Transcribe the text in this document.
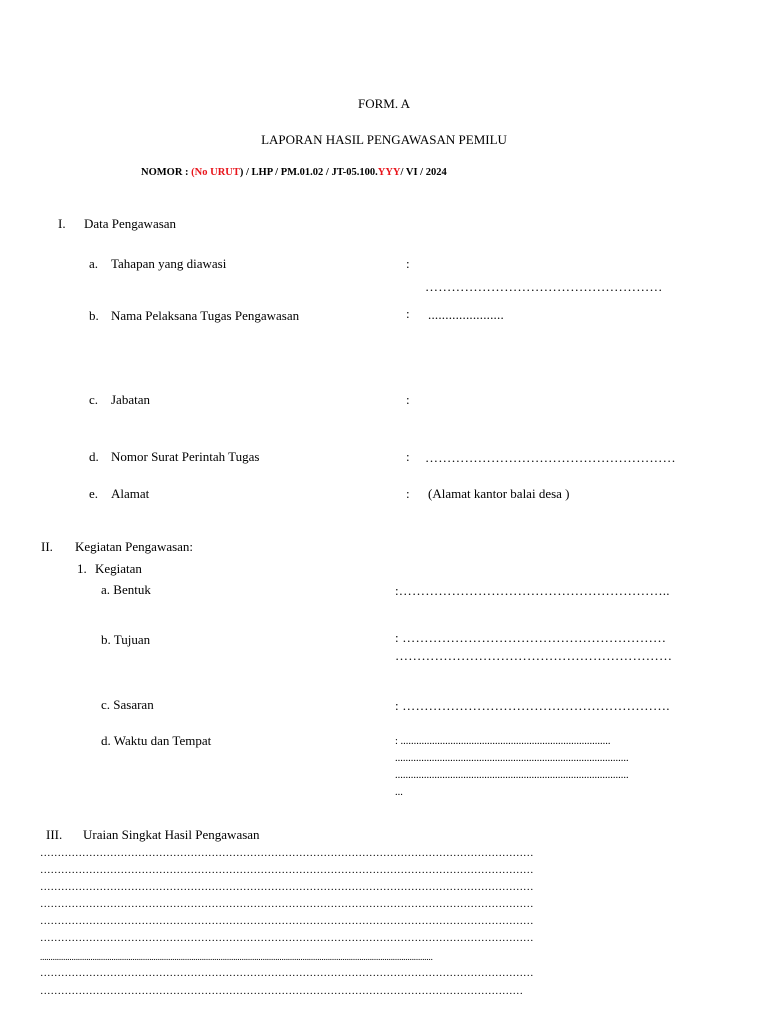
FORM. A
LAPORAN HASIL PENGAWASAN PEMILU
NOMOR : (No URUT) / LHP / PM.01.02 / JT-05.100.YYY/ VI / 2024
I. Data Pengawasan
a. Tahapan yang diawasi	:
………………………………………………
b. Nama Pelaksana Tugas Pengawasan	: ......................
c. Jabatan	:
d. Nomor Surat Perintah Tugas	: …………………………………………………
e. Alamat	: (Alamat kantor balai desa )
II. Kegiatan Pengawasan:
1. Kegiatan
a. Bentuk	:……………………………………………………..
b. Tujuan	: ……………………………………………………
………………………………………………………
c. Sasaran	: …………………………………………………….
d. Waktu dan Tempat	: ................................................................................
.........................................................................................
.........................................................................................
...
III. Uraian Singkat Hasil Pengawasan
……………………………………………………………………………………………………………………………
……………………………………………………………………………………………………………………………
……………………………………………………………………………………………………………………………
……………………………………………………………………………………………………………………………
……………………………………………………………………………………………………………………………
……………………………………………………………………………………………………………………………
...........................................................................................................................................................................................
……………………………………………………………………………………………………………………………
…………………………………………………………………………………………………………………………
